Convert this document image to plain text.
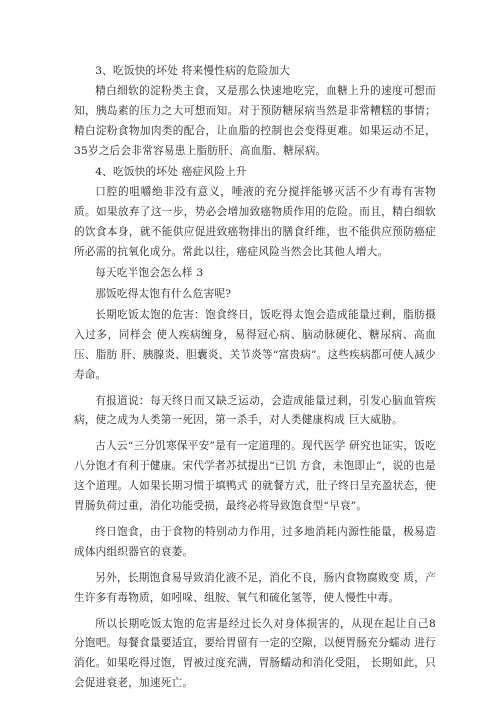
3、吃饭快的坏处 将来慢性病的危险加大

精白细软的淀粉类主食，又是那么快速地吃完，血糖上升的速度可想而知，胰岛素的压力之大可想而知。对于预防糖尿病当然是非常糟糕的事情；精白淀粉食物加肉类的配合，让血脂的控制也会变得更难。如果运动不足，35岁之后会非常容易患上脂肪肝、高血脂、糖尿病。

4、吃饭快的坏处 癌症风险上升

口腔的咀嚼绝非没有意义，唾液的充分搅拌能够灭活不少有毒有害物质。如果放弃了这一步，势必会增加致癌物质作用的危险。而且，精白细软的饮食本身，就不能供应促进致癌物排出的膳食纤维，也不能供应预防癌症所必需的抗氧化成分。常此以往，癌症风险当然会比其他人增大。

每天吃半饱会怎么样 3

那饭吃得太饱有什么危害呢?

长期吃饭太饱的危害：饱食终日，饭吃得太饱会造成能量过剩，脂肪摄入过多，同样会 使人疾病缠身，易得冠心病、脑动脉硬化、糖尿病、高血压、脂肪 肝、胰腺炎、胆囊炎、关节炎等“富贵病”。这些疾病都可使人减少寿命。

有报道说：每天终日而又缺乏运动，会造成能量过剩，引发心脑血管疾病，使之成为人类第一死因，第一杀手，对人类健康构成 巨大威胁。

古人云“三分饥寒保平安”是有一定道理的。现代医学 研究也证实，饭吃八分饱才有利于健康。宋代学者苏拭提出“已饥 方食，未饱即止”，说的也是这个道理。人如果长期习惯于填鸭式 的就餐方式，肚子终日呈充盈状态，使胃肠负荷过重，消化功能受损，最终必将导致饱食型“早衰”。

终日饱食，由于食物的特别动力作用，过多地消耗内源性能量，极易造成体内组织器官的衰萎。

另外，长期饱食易导致消化液不足，消化不良，肠内食物腐败变 质，产生许多有毒物质，如吲哚、组胺、氧气和硫化氢等，使人慢性中毒。

所以长期吃饭太饱的危害是经过长久对身体损害的，从现在起让自己8分饱吧。每餐食量要适宜，要给胃留有一定的空隙，以便胃肠充分蠕动 进行消化。如果吃得过饱，胃被过度充满，胃肠蠕动和消化受阻， 长期如此，只会促进衰老，加速死亡。
